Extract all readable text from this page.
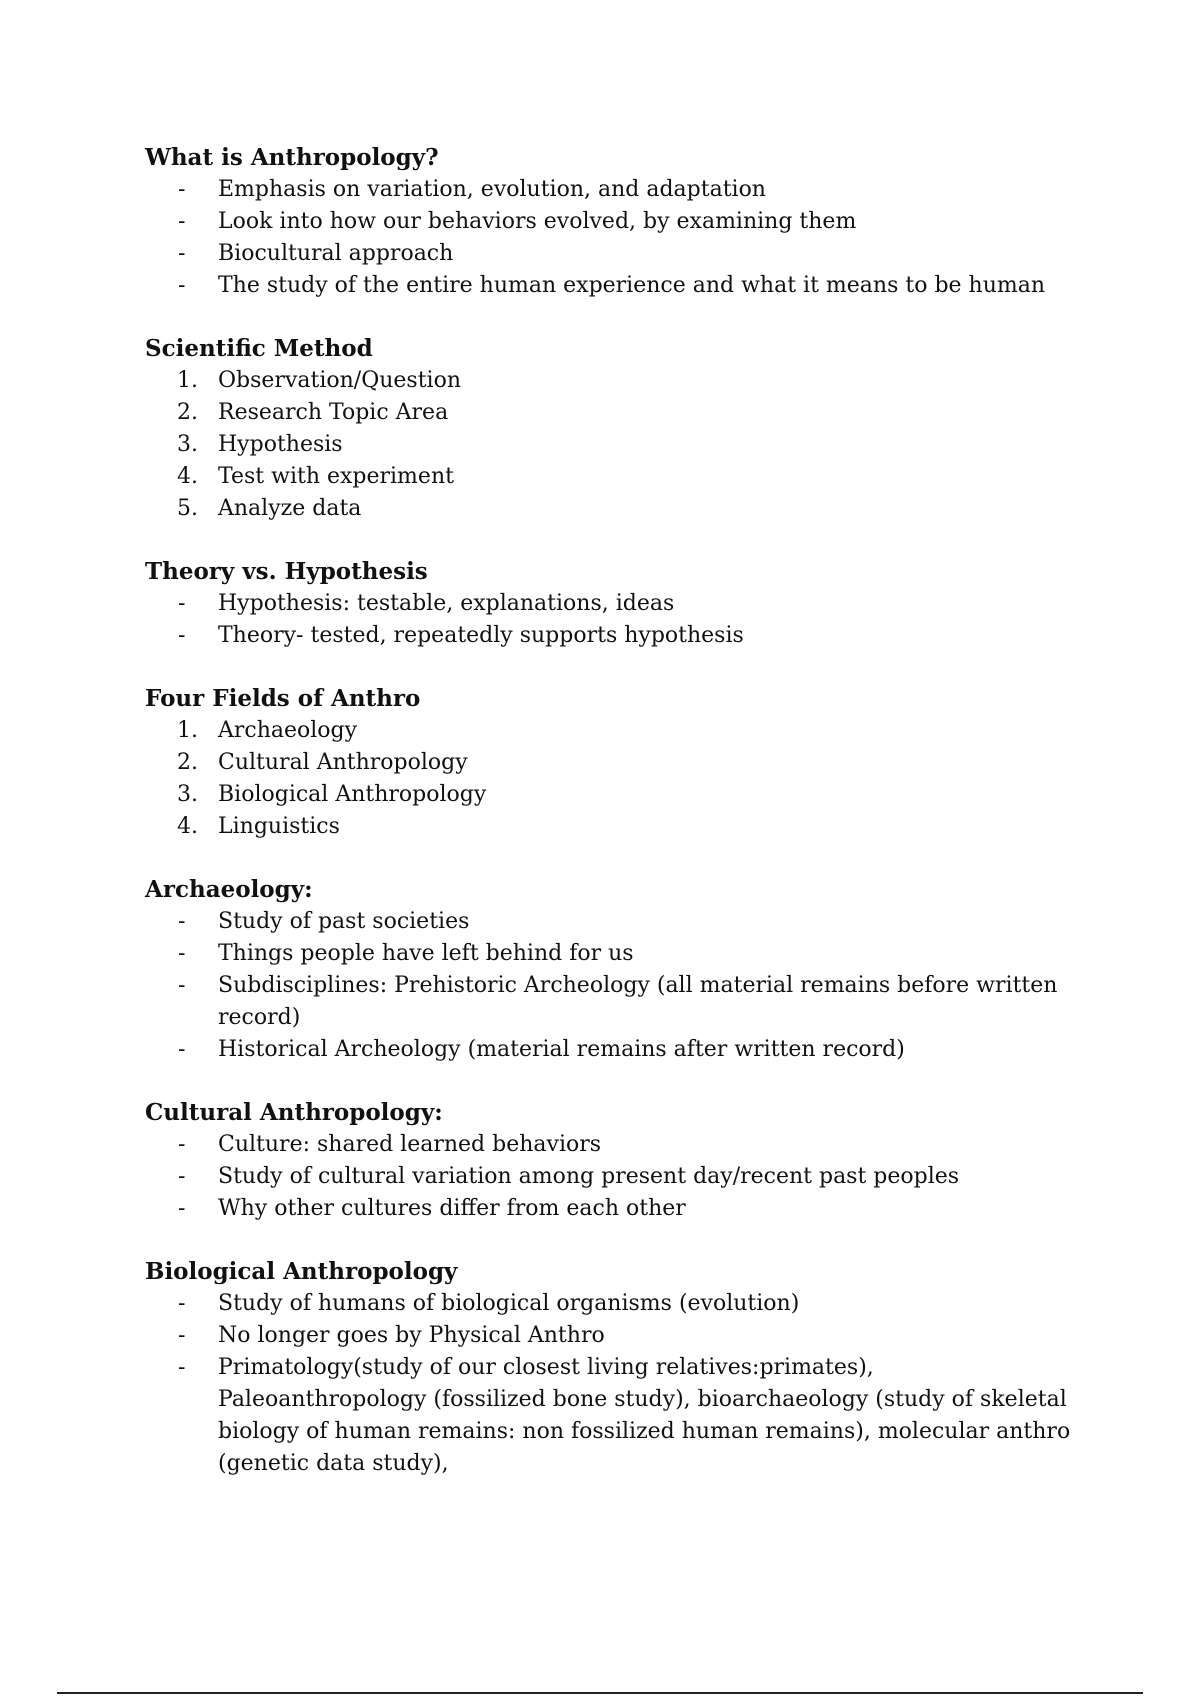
What is Anthropology?

-	Emphasis on variation, evolution, and adaptation
-	Look into how our behaviors evolved, by examining them
-	Biocultural approach
-	The study of the entire human experience and what it means to be human

Scientific Method

1. Observation/Question
2. Research Topic Area
3. Hypothesis
4. Test with experiment
5. Analyze data

Theory vs. Hypothesis

-	Hypothesis: testable, explanations, ideas
-	Theory- tested, repeatedly supports hypothesis

Four Fields of Anthro

1. Archaeology
2. Cultural Anthropology
3. Biological Anthropology
4. Linguistics

Archaeology:

-	Study of past societies
-	Things people have left behind for us
-	Subdisciplines: Prehistoric Archeology (all material remains before written record)
-	Historical Archeology (material remains after written record)

Cultural Anthropology:

-	Culture: shared learned behaviors
-	Study of cultural variation among present day/recent past peoples
-	Why other cultures differ from each other

Biological Anthropology

-	Study of humans of biological organisms (evolution)
-	No longer goes by Physical Anthro
-	Primatology(study of our closest living relatives:primates), Paleoanthropology (fossilized bone study), bioarchaeology (study of skeletal biology of human remains: non fossilized human remains), molecular anthro (genetic data study),
